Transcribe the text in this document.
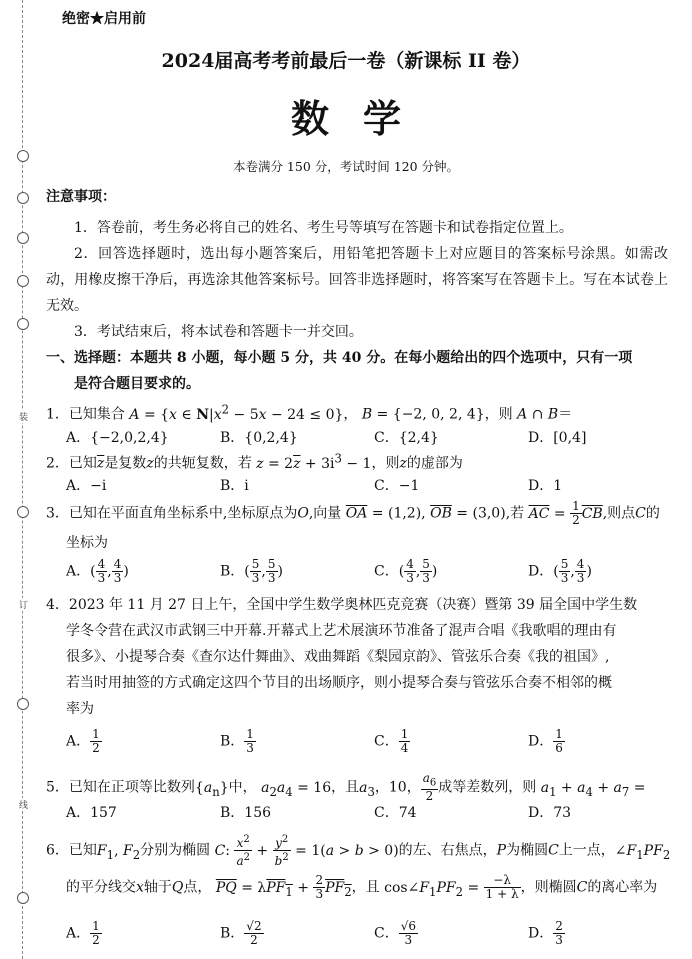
装
订
线
绝密★启用前
2024届高考考前最后一卷（新课标 II 卷）
数学
本卷满分 150 分，考试时间 120 分钟。
注意事项：
1．答卷前，考生务必将自己的姓名、考生号等填写在答题卡和试卷指定位置上。
2．回答选择题时，选出每小题答案后，用铅笔把答题卡上对应题目的答案标号涂黑。如需改动，用橡皮擦干净后，再选涂其他答案标号。回答非选择题时，将答案写在答题卡上。写在本试卷上无效。
3．考试结束后，将本试卷和答题卡一并交回。
一、选择题：本题共 8 小题，每小题 5 分，共 40 分。在每小题给出的四个选项中，只有一项
是符合题目要求的。
1．已知集合 A = {x ∈ $N|x^2 - 5x - 24 \le 0$}， B = {−2, 0, 2, 4}，则 A ∩ B＝
A．{−2,0,2,4}	B．{0,2,4}	C．{2,4}	D．[0,4]
2．已知$\overline{z}$是复数z的共轭复数，若 $z = 2\overline{z} + 3i^3 - 1$，则z的虚部为
A．−i	B．i	C．−1	D．1
3．已知在平面直角坐标系中,坐标原点为O,向量 $\overline{OA} = (1,2)$, $\overline{OB} = (3,0)$,若 $\overline{AC} = \frac{1}{2} \overline{CB}$,则点C的
坐标为
A．( $\frac{4}{3}$ , $\frac{4}{3}$ )	B．( $\frac{5}{3}$ , $\frac{5}{3}$ )	C．( $\frac{4}{3}$ , $\frac{5}{3}$ )	D．( $\frac{5}{3}$ , $\frac{4}{3}$ )
4．2023 年 11 月 27 日上午，全国中学生数学奥林匹克竞赛（决赛）暨第 39 届全国中学生数
学冬令营在武汉市武钢三中开幕.开幕式上艺术展演环节准备了混声合唱《我歌唱的理由有
很多》、小提琴合奏《查尔达什舞曲》、戏曲舞蹈《梨园京韵》、管弦乐合奏《我的祖国》,
若当时用抽签的方式确定这四个节目的出场顺序，则小提琴合奏与管弦乐合奏不相邻的概
率为
A． $\frac{1}{2}$	B． $\frac{1}{3}$	C． $\frac{1}{4}$	D． $\frac{1}{6}$
5．已知在正项等比数列$\{a_n\}$中， $a_2a_4 = 16$，且$a_3$，10， $\frac{a_6}{2}$ 成等差数列，则 $a_1 + a_4 + a_7$ =
A．157	B．156	C．74	D．73
6．已知$F_1$, $F_2$分别为椭圆 C: $\frac{x^2}{a^2} + \frac{y^2}{b^2} = 1(a > b > 0)$的左、右焦点，P为椭圆C上一点，$\angle F_1PF_2$
的平分线交x轴于Q点， $\overline{PQ} = \lambda PF_1 + \frac{2}{3} PF_2$，且 $\cos\angle F_1PF_2 = \frac{-\lambda}{1 + \lambda}$ ，则椭圆C的离心率为
A． $\frac{1}{2}$	B． $\frac{√2}{2}$	C． $\frac{√6}{3}$	D． $\frac{2}{3}$
